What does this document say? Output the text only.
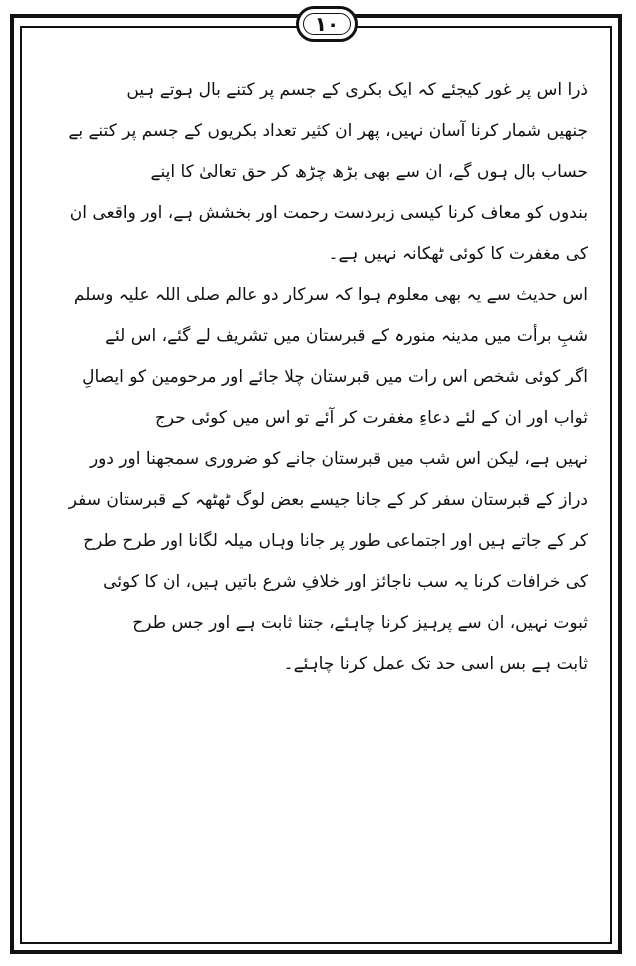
١٠
ذرا اس پر غور کیجئے کہ ایک بکری کے جسم پر کتنے بال ہوتے ہیں
جنھیں شمار کرنا آسان نہیں، پھر ان کثیر تعداد بکریوں کے جسم پر کتنے بے
حساب بال ہوں گے، ان سے بھی بڑھ چڑھ کر حق تعالیٰ کا اپنے
بندوں کو معاف کرنا کیسی زبردست رحمت اور بخشش ہے، اور واقعی ان
کی مغفرت کا کوئی ٹھکانہ نہیں ہے۔
اس حدیث سے یہ بھی معلوم ہوا کہ سرکار دو عالم صلی اللہ علیہ وسلم
شبِ برأت میں مدینہ منورہ کے قبرستان میں تشریف لے گئے، اس لئے
اگر کوئی شخص اس رات میں قبرستان چلا جائے اور مرحومین کو ایصالِ
ثواب اور ان کے لئے دعاءِ مغفرت کر آئے تو اس میں کوئی حرج
نہیں ہے، لیکن اس شب میں قبرستان جانے کو ضروری سمجھنا اور دور
دراز کے قبرستان سفر کر کے جانا جیسے بعض لوگ ٹھٹھہ کے قبرستان سفر
کر کے جاتے ہیں اور اجتماعی طور پر جانا وہاں میلہ لگانا اور طرح طرح
کی خرافات کرنا یہ سب ناجائز اور خلافِ شرع باتیں ہیں، ان کا کوئی
ثبوت نہیں، ان سے پرہیز کرنا چاہئے، جتنا ثابت ہے اور جس طرح
ثابت ہے بس اسی حد تک عمل کرنا چاہئے۔
